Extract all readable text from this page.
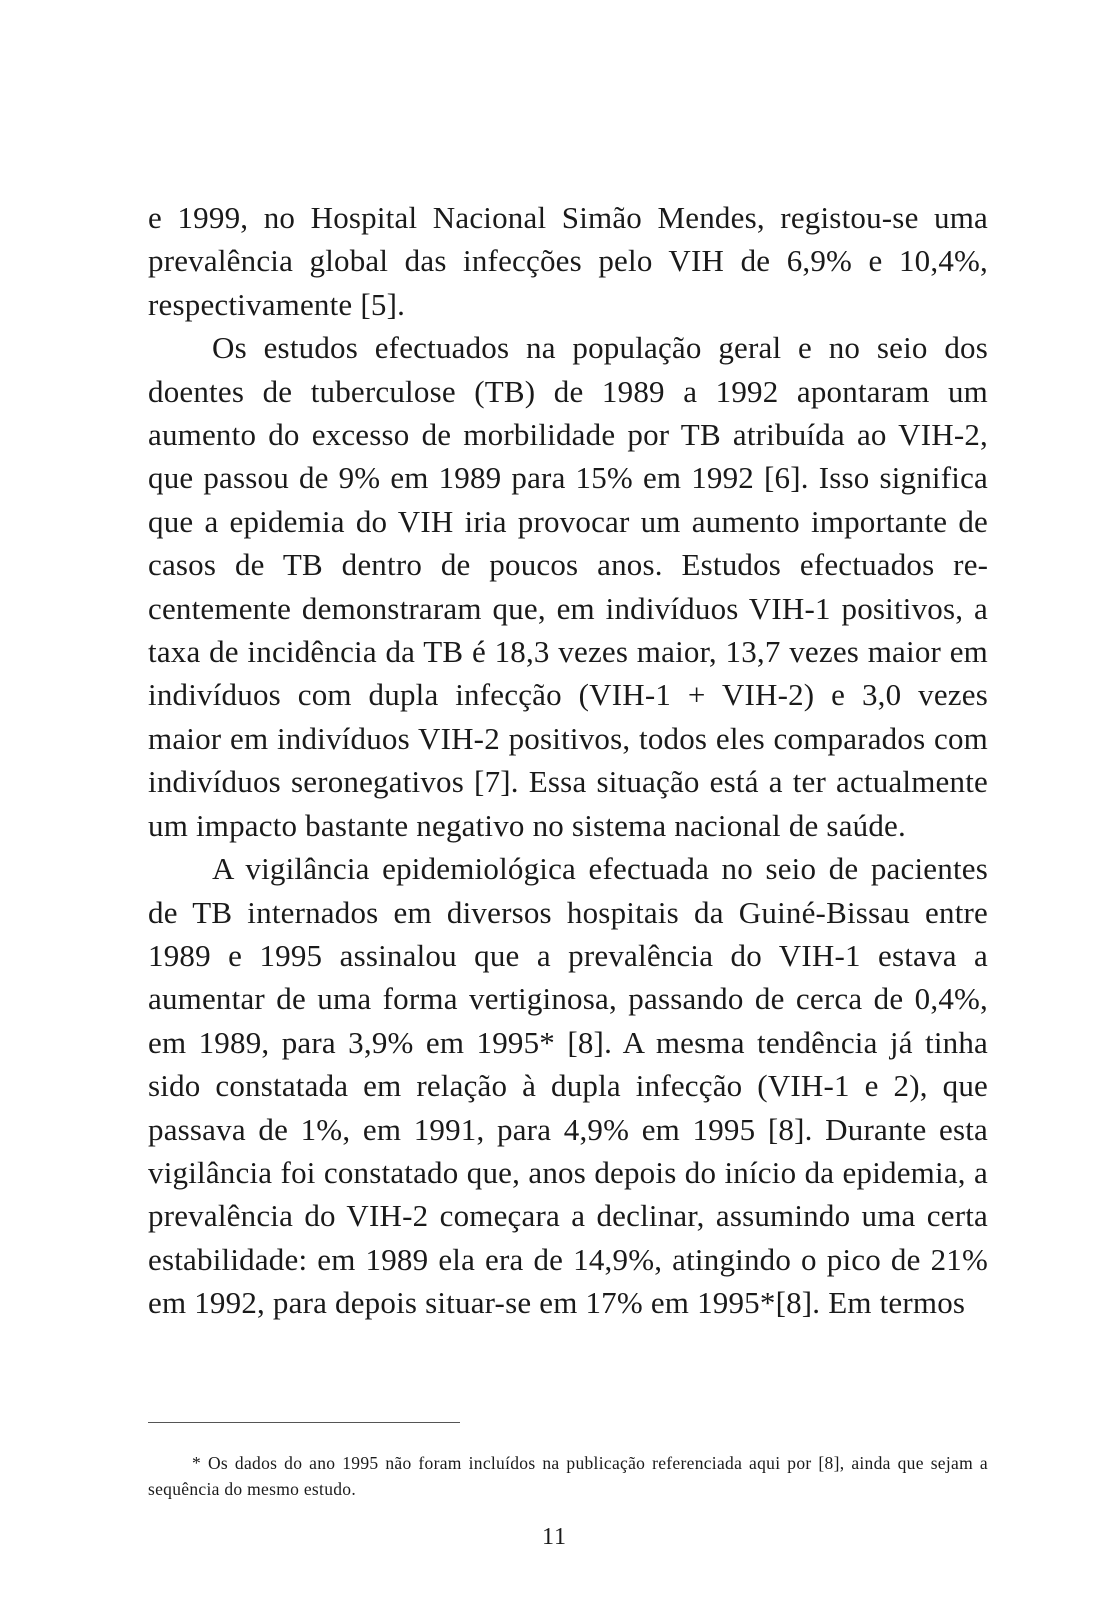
e 1999, no Hospital Nacional Simão Mendes, registou-se uma prevalência global das infecções pelo VIH de 6,9% e 10,4%, respectivamente [5].

Os estudos efectuados na população geral e no seio dos doentes de tuberculose (TB) de 1989 a 1992 apontaram um aumento do excesso de morbilidade por TB atribuída ao VIH-2, que passou de 9% em 1989 para 15% em 1992 [6]. Isso significa que a epidemia do VIH iria provocar um aumento importante de casos de TB dentro de poucos anos. Estudos efectuados recentemente demonstraram que, em indivíduos VIH-1 positivos, a taxa de incidência da TB é 18,3 vezes maior, 13,7 vezes maior em indivíduos com dupla infecção (VIH-1 + VIH-2) e 3,0 vezes maior em indivíduos VIH-2 positivos, todos eles comparados com indivíduos seronegativos [7]. Essa situação está a ter actualmente um impacto bastante negativo no sistema nacional de saúde.

A vigilância epidemiológica efectuada no seio de pacientes de TB internados em diversos hospitais da Guiné-Bissau entre 1989 e 1995 assinalou que a prevalência do VIH-1 estava a aumentar de uma forma vertiginosa, passando de cerca de 0,4%, em 1989, para 3,9% em 1995* [8]. A mesma tendência já tinha sido constatada em relação à dupla infecção (VIH-1 e 2), que passava de 1%, em 1991, para 4,9% em 1995 [8]. Durante esta vigilância foi constatado que, anos depois do início da epidemia, a prevalência do VIH-2 começara a declinar, assumindo uma certa estabilidade: em 1989 ela era de 14,9%, atingindo o pico de 21% em 1992, para depois situar-se em 17% em 1995*[8]. Em termos

* Os dados do ano 1995 não foram incluídos na publicação referenciada aqui por [8], ainda que sejam a sequência do mesmo estudo.
11
